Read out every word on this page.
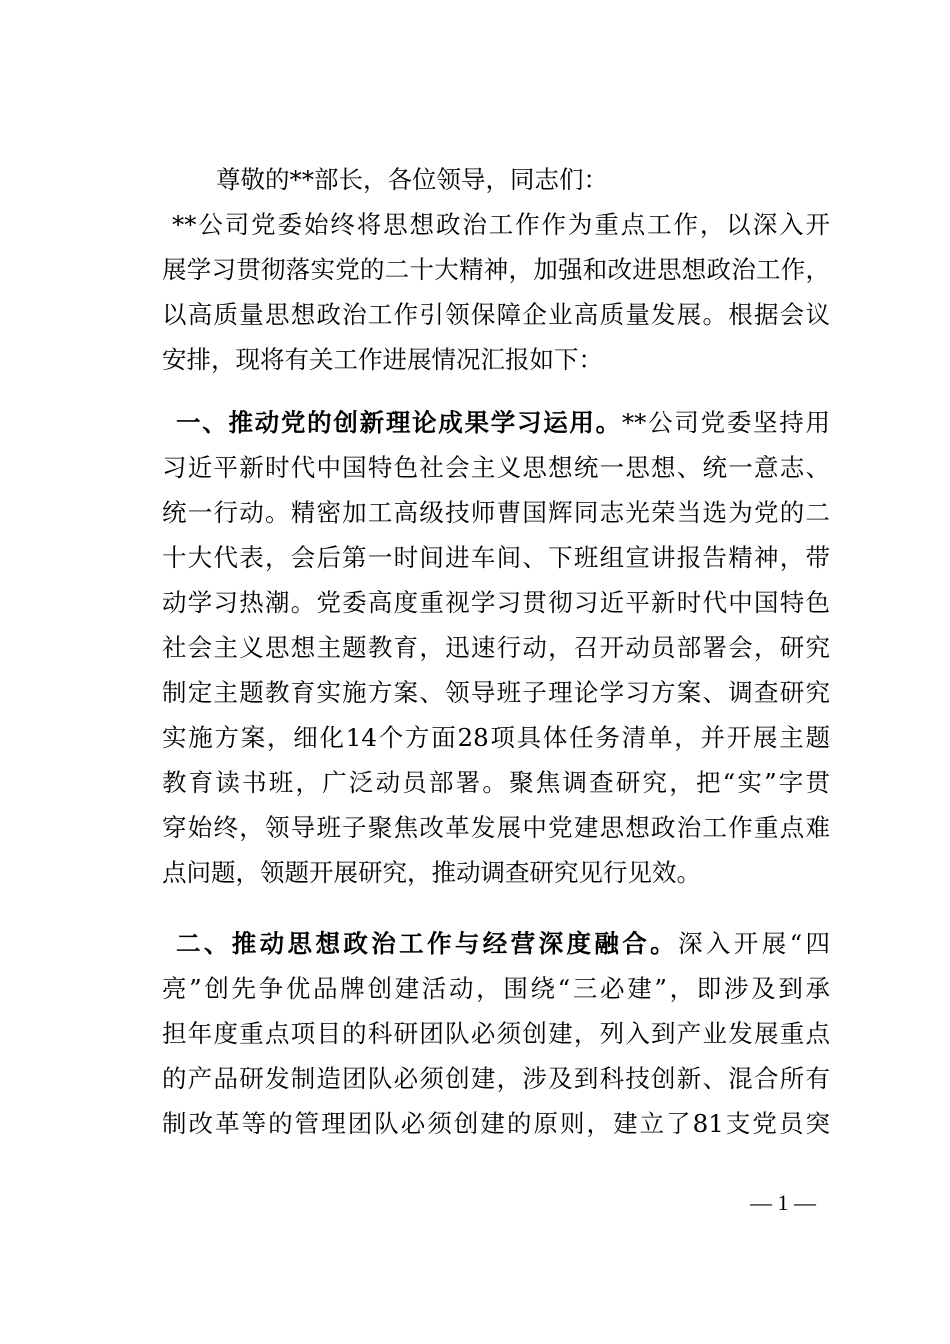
尊敬的**部长，各位领导，同志们：
**公司党委始终将思想政治工作作为重点工作，以深入开
展学习贯彻落实党的二十大精神，加强和改进思想政治工作，
以高质量思想政治工作引领保障企业高质量发展。根据会议
安排，现将有关工作进展情况汇报如下：
一、推动党的创新理论成果学习运用。**公司党委坚持用
习近平新时代中国特色社会主义思想统一思想、统一意志、
统一行动。精密加工高级技师曹国辉同志光荣当选为党的二
十大代表，会后第一时间进车间、下班组宣讲报告精神，带
动学习热潮。党委高度重视学习贯彻习近平新时代中国特色
社会主义思想主题教育，迅速行动，召开动员部署会，研究
制定主题教育实施方案、领导班子理论学习方案、调查研究
实施方案，细化14个方面28项具体任务清单，并开展主题
教育读书班，广泛动员部署。聚焦调查研究，把“实”字贯
穿始终，领导班子聚焦改革发展中党建思想政治工作重点难
点问题，领题开展研究，推动调查研究见行见效。
二、推动思想政治工作与经营深度融合。深入开展“四
亮”创先争优品牌创建活动，围绕“三必建”，即涉及到承
担年度重点项目的科研团队必须创建，列入到产业发展重点
的产品研发制造团队必须创建，涉及到科技创新、混合所有
制改革等的管理团队必须创建的原则，建立了81支党员突
— 1 —
